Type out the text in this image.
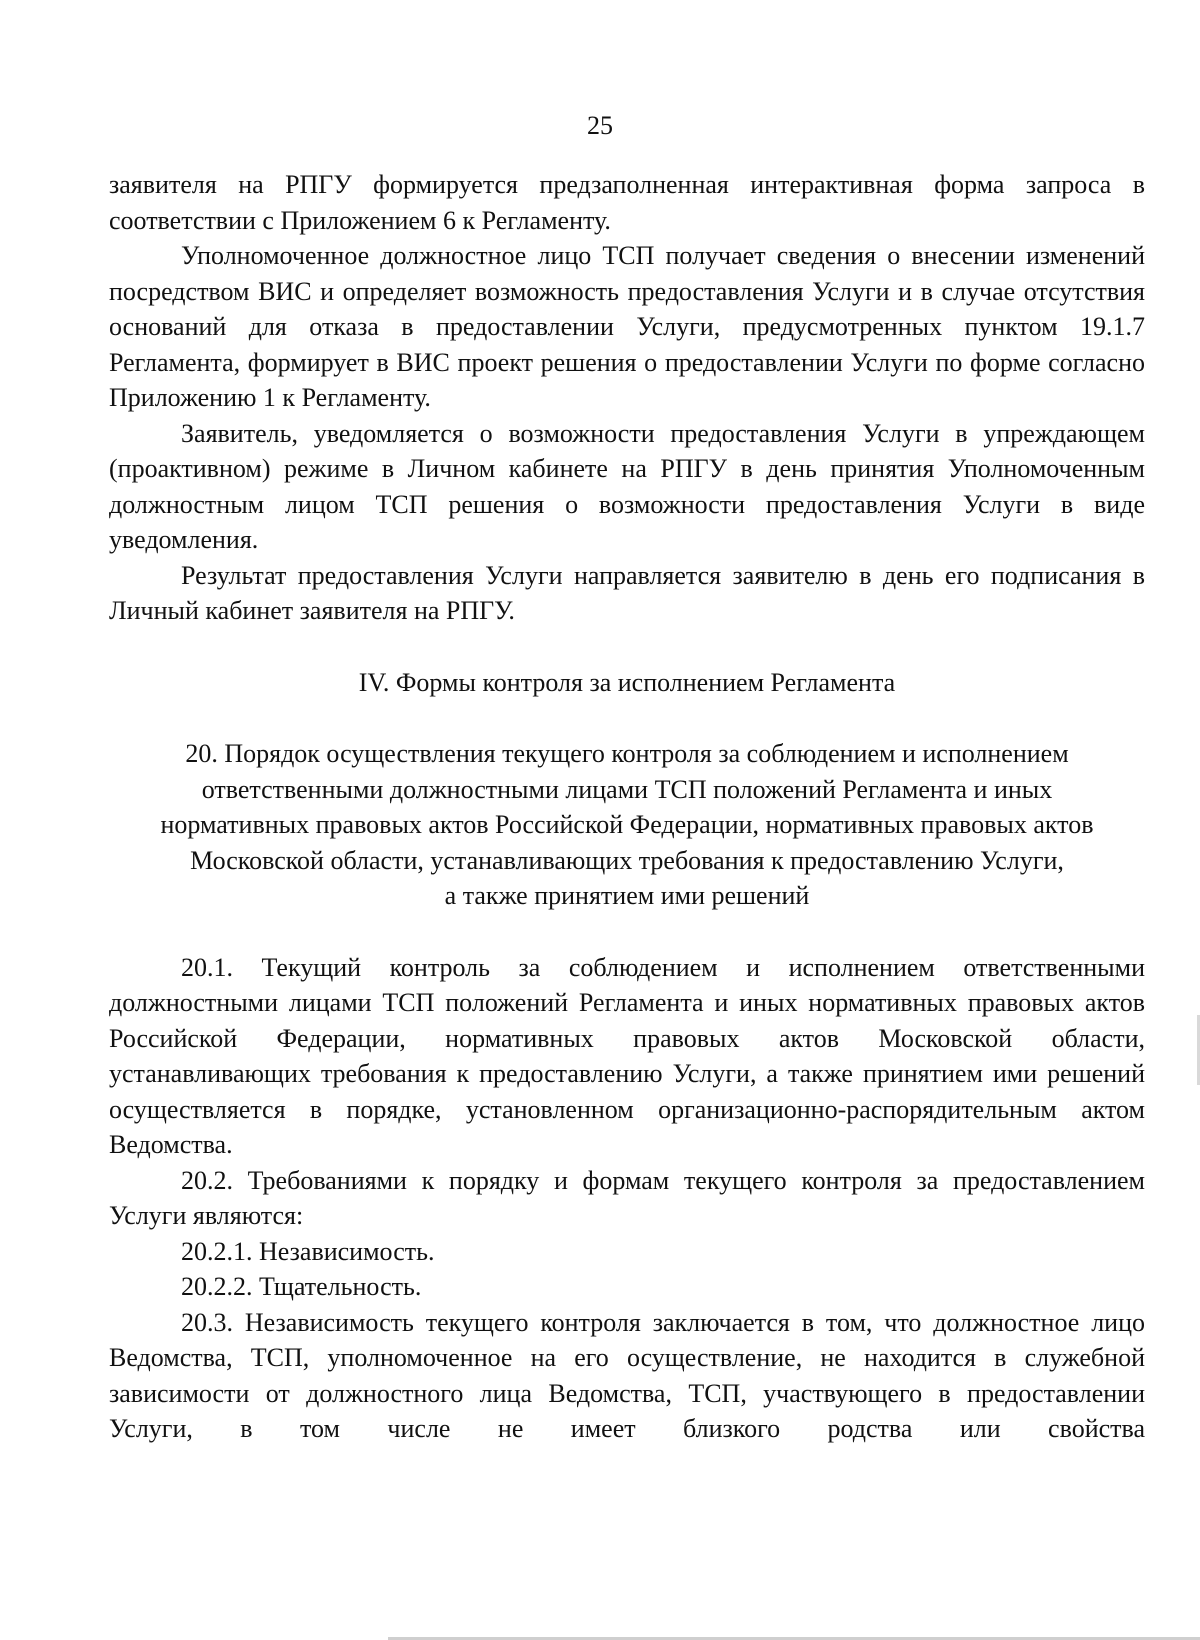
25

заявителя на РПГУ формируется предзаполненная интерактивная форма запроса в соответствии с Приложением 6 к Регламенту.

Уполномоченное должностное лицо ТСП получает сведения о внесении изменений посредством ВИС и определяет возможность предоставления Услуги и в случае отсутствия оснований для отказа в предоставлении Услуги, предусмотренных пунктом 19.1.7 Регламента, формирует в ВИС проект решения о предоставлении Услуги по форме согласно Приложению 1 к Регламенту.

Заявитель, уведомляется о возможности предоставления Услуги в упреждающем (проактивном) режиме в Личном кабинете на РПГУ в день принятия Уполномоченным должностным лицом ТСП решения о возможности предоставления Услуги в виде уведомления.

Результат предоставления Услуги направляется заявителю в день его подписания в Личный кабинет заявителя на РПГУ.

IV. Формы контроля за исполнением Регламента
20. Порядок осуществления текущего контроля за соблюдением и исполнением
ответственными должностными лицами ТСП положений Регламента и иных
нормативных правовых актов Российской Федерации, нормативных правовых актов
Московской области, устанавливающих требования к предоставлению Услуги,
а также принятием ими решений

20.1. Текущий контроль за соблюдением и исполнением ответственными должностными лицами ТСП положений Регламента и иных нормативных правовых актов Российской Федерации, нормативных правовых актов Московской области, устанавливающих требования к предоставлению Услуги, а также принятием ими решений осуществляется в порядке, установленном организационно-распорядительным актом Ведомства.

20.2. Требованиями к порядку и формам текущего контроля за предоставлением Услуги являются:

20.2.1. Независимость.

20.2.2. Тщательность.

20.3. Независимость текущего контроля заключается в том, что должностное лицо Ведомства, ТСП, уполномоченное на его осуществление, не находится в служебной зависимости от должностного лица Ведомства, ТСП, участвующего в предоставлении Услуги, в том числе не имеет близкого родства или свойства
